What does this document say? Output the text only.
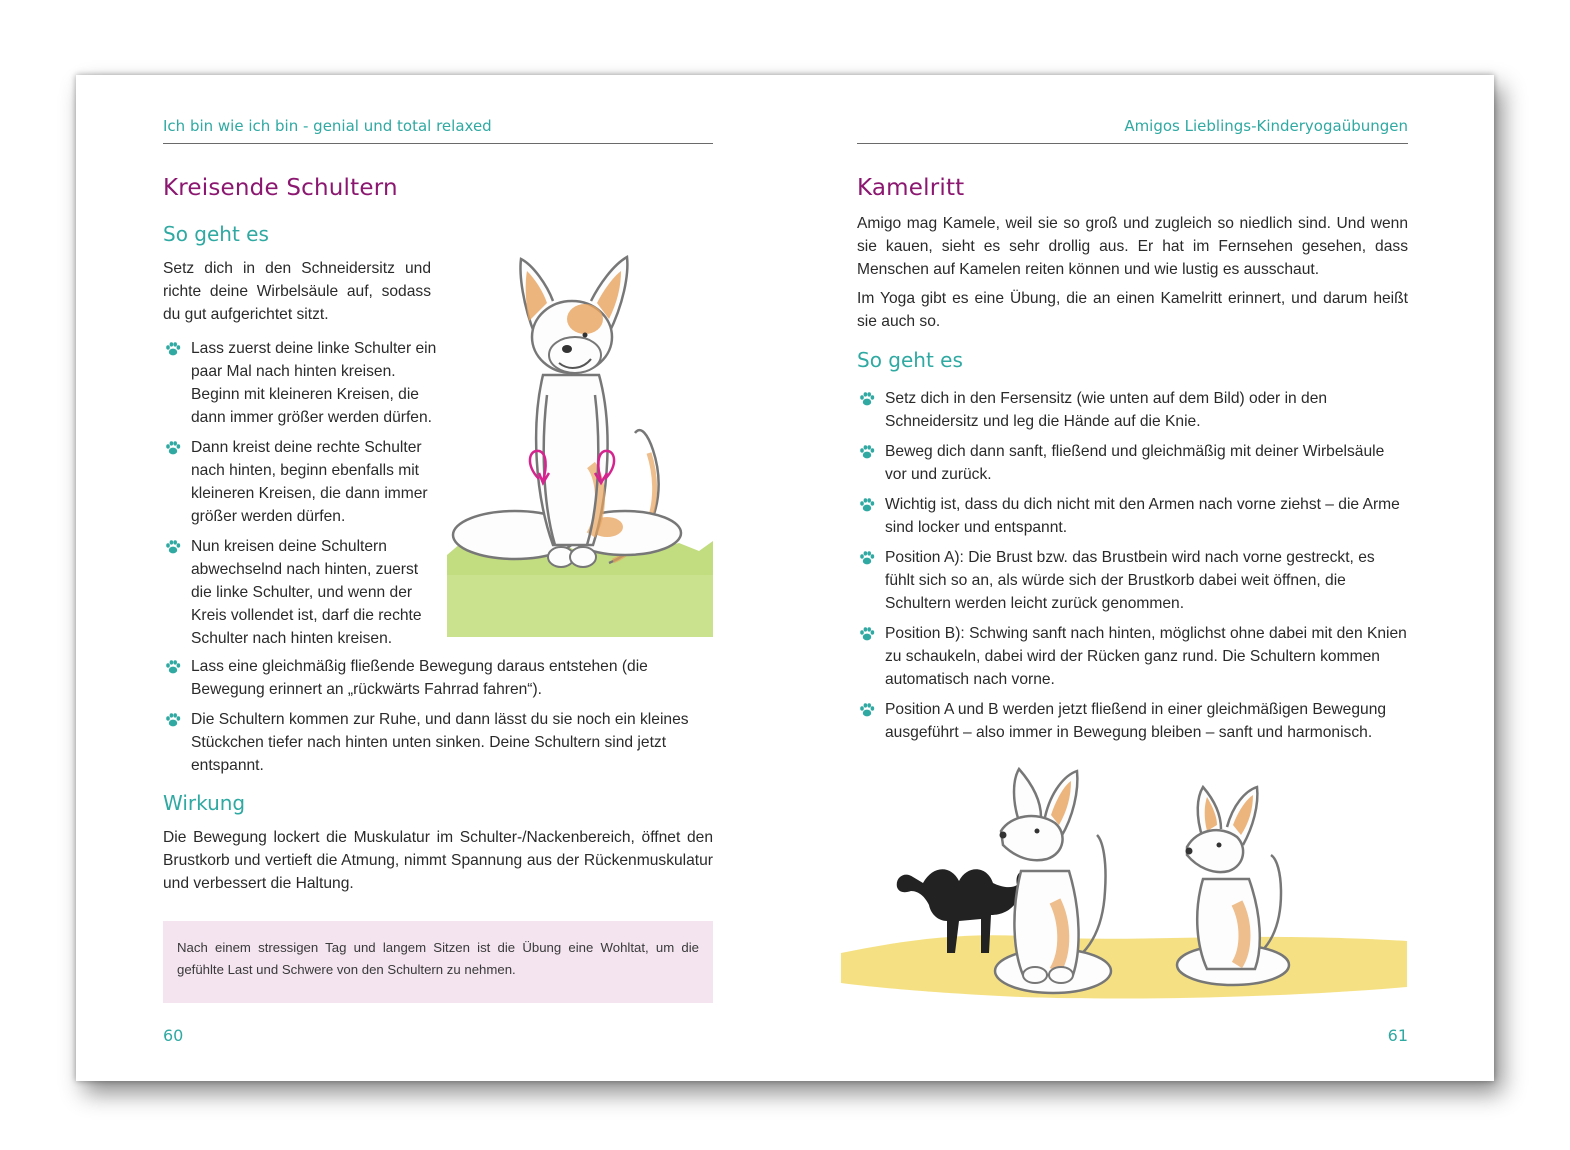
Ich bin wie ich bin - genial und total relaxed
Kreisende Schultern
So geht es

Setz dich in den Schneidersitz und richte deine Wirbelsäule auf, sodass du gut aufgerichtet sitzt.

Lass zuerst deine linke Schulter ein paar Mal nach hinten kreisen. Beginn mit kleineren Kreisen, die dann immer größer werden dürfen.
Dann kreist deine rechte Schulter nach hinten, beginn ebenfalls mit kleineren Kreisen, die dann immer größer werden dürfen.
Nun kreisen deine Schultern abwechselnd nach hinten, zuerst die linke Schulter, und wenn der Kreis vollendet ist, darf die rechte Schulter nach hinten kreisen.
Lass eine gleichmäßig fließende Bewegung daraus entstehen (die Bewegung erinnert an „rückwärts Fahrrad fahren“).
Die Schultern kommen zur Ruhe, und dann lässt du sie noch ein kleines Stückchen tiefer nach hinten unten sinken. Deine Schultern sind jetzt entspannt.
Wirkung

Die Bewegung lockert die Muskulatur im Schulter-/Nackenbereich, öffnet den Brustkorb und vertieft die Atmung, nimmt Spannung aus der Rückenmuskulatur und verbessert die Haltung.

Nach einem stressigen Tag und langem Sitzen ist die Übung eine Wohltat, um die gefühlte Last und Schwere von den Schultern zu nehmen.

60
Amigos Lieblings-Kinderyogaübungen
Kamelritt

Amigo mag Kamele, weil sie so groß und zugleich so niedlich sind. Und wenn sie kauen, sieht es sehr drollig aus. Er hat im Fernsehen gesehen, dass Menschen auf Kamelen reiten können und wie lustig es ausschaut.

Im Yoga gibt es eine Übung, die an einen Kamelritt erinnert, und darum heißt sie auch so.

So geht es
Setz dich in den Fersensitz (wie unten auf dem Bild) oder in den Schneidersitz und leg die Hände auf die Knie.
Beweg dich dann sanft, fließend und gleichmäßig mit deiner Wirbelsäule vor und zurück.
Wichtig ist, dass du dich nicht mit den Armen nach vorne ziehst – die Arme sind locker und entspannt.
Position A): Die Brust bzw. das Brustbein wird nach vorne gestreckt, es fühlt sich so an, als würde sich der Brustkorb dabei weit öffnen, die Schultern werden leicht zurück genommen.
Position B): Schwing sanft nach hinten, möglichst ohne dabei mit den Knien zu schaukeln, dabei wird der Rücken ganz rund. Die Schultern kommen automatisch nach vorne.
Position A und B werden jetzt fließend in einer gleichmäßigen Bewegung ausgeführt – also immer in Bewegung bleiben – sanft und harmonisch.
61
